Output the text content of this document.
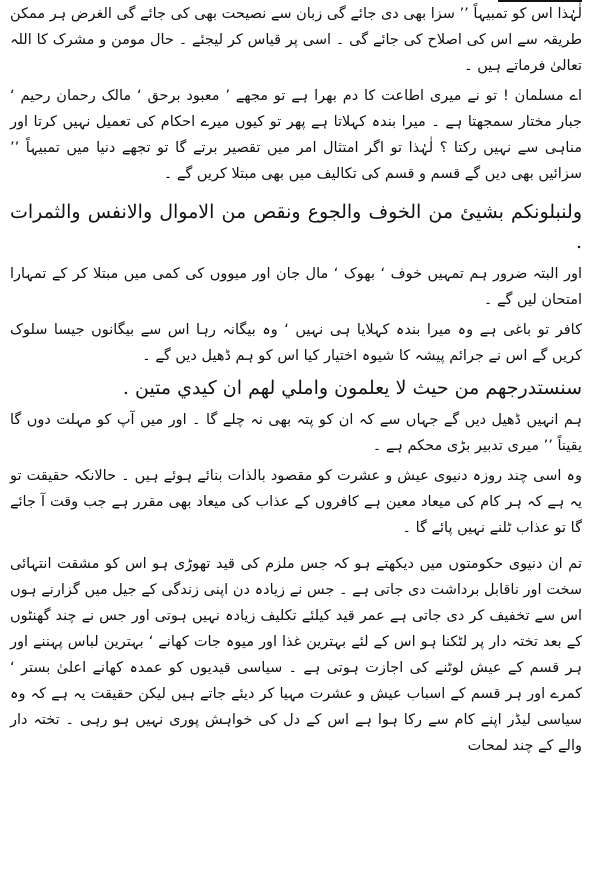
لٰہٰذا اس کو تمبیہاً ’’ سزا بھی دی جائے گی زبان سے نصیحت بھی کی جائے گی الغرض ہر ممکن طریقہ سے اس کی اصلاح کی جائے گی ۔ اسی پر قیاس کر لیجئے ۔ حال مومن و مشرک کا اللہ تعالیٰ فرماتے ہیں ۔

اے مسلمان ! تو نے میری اطاعت کا دم بھرا ہے تو مجھے ’ معبود برحق ‘ مالک رحمان رحیم ‘ جبار مختار سمجھتا ہے ۔ میرا بندہ کہلاتا ہے پھر تو کیوں میرے احکام کی تعمیل نہیں کرتا اور مناہی سے نہیں رکتا ؟ لٰہٰذا تو اگر امتثال امر میں تقصیر برتے گا تو تجھے دنیا میں تمبیہاً ’’ سزائیں بھی دیں گے قسم و قسم کی تکالیف میں بھی مبتلا کریں گے ۔

ولنبلونكم بشيئ من الخوف والجوع ونقص من الاموال والانفس والثمرات .

اور البتہ ضرور ہم تمہیں خوف ‘ بھوک ‘ مال جان اور میووں کی کمی میں مبتلا کر کے تمہارا امتحان لیں گے ۔

کافر تو باغی ہے وہ میرا بندہ کہلایا ہی نہیں ‘ وہ بیگانہ رہا اس سے بیگانوں جیسا سلوک کریں گے اس نے جرائم پیشہ کا شیوہ اختیار کیا اس کو ہم ڈھیل دیں گے ۔

سنستدرجهم من حيث لا يعلمون واملي لهم ان كيدي متين .

ہم انہیں ڈھیل دیں گے جہاں سے کہ ان کو پتہ بھی نہ چلے گا ۔ اور میں آپ کو مہلت دوں گا یقیناً ’’ میری تدبیر بڑی محکم ہے ۔

وہ اسی چند روزہ دنیوی عیش و عشرت کو مقصود بالذات بنائے ہوئے ہیں ۔ حالانکہ حقیقت تو یہ ہے کہ ہر کام کی میعاد معین ہے کافروں کے عذاب کی میعاد بھی مقرر ہے جب وقت آ جائے گا تو عذاب ٹلنے نہیں پائے گا ۔

تم ان دنیوی حکومتوں میں دیکھتے ہو کہ جس ملزم کی قید تھوڑی ہو اس کو مشقت انتہائی سخت اور ناقابل برداشت دی جاتی ہے ۔ جس نے زیادہ دن اپنی زندگی کے جیل میں گزارنے ہوں اس سے تخفیف کر دی جاتی ہے عمر قید کیلئے تکلیف زیادہ نہیں ہوتی اور جس نے چند گھنٹوں کے بعد تختہ دار پر لٹکنا ہو اس کے لئے بہترین غذا اور میوہ جات کھانے ‘ بہترین لباس پہننے اور ہر قسم کے عیش لوٹنے کی اجازت ہوتی ہے ۔ سیاسی قیدیوں کو عمدہ کھانے اعلیٰ بستر ‘ کمرے اور ہر قسم کے اسباب عیش و عشرت مہیا کر دیئے جاتے ہیں لیکن حقیقت یہ ہے کہ وہ سیاسی لیڈر اپنے کام سے رکا ہوا ہے اس کے دل کی خواہش پوری نہیں ہو رہی ۔ تختہ دار والے کے چند لمحات
